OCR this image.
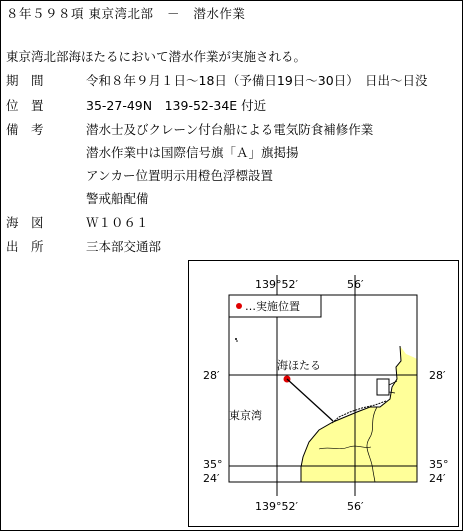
８年５９８項 東京湾北部 － 潜水作業
東京湾北部海ほたるにおいて潜水作業が実施される。
期　間	令和８年９月１日～18日（予備日19日～30日）　日出～日没
位　置	35-27-49N　139-52-34E 付近
備　考	潜水士及びクレーン付台船による電気防食補修作業
潜水作業中は国際信号旗「Ａ」旗掲揚
アンカー位置明示用橙色浮標設置
警戒船配備
海　図	Ｗ１０６１
出　所	三本部交通部
139°52′	56′
139°52′	56′
28′	28′
35°
24′
35°
24′
…実施位置
海ほたる
東京湾
